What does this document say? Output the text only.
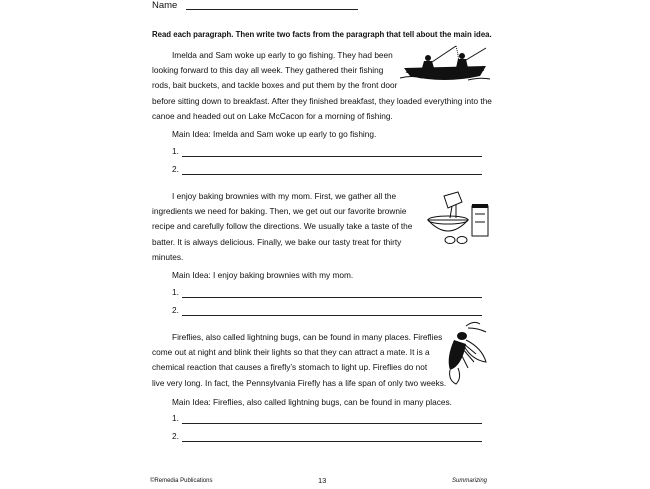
Name
Read each paragraph. Then write two facts from the paragraph that tell about the main idea.
Imelda and Sam woke up early to go fishing. They had been
looking forward to this day all week. They gathered their fishing
rods, bait buckets, and tackle boxes and put them by the front door
before sitting down to breakfast. After they finished breakfast, they loaded everything into the
canoe and headed out on Lake McCacon for a morning of fishing.
Main Idea: Imelda and Sam woke up early to go fishing.
1.
2.
I enjoy baking brownies with my mom. First, we gather all the
ingredients we need for baking. Then, we get out our favorite brownie
recipe and carefully follow the directions. We usually take a taste of the
batter. It is always delicious. Finally, we bake our tasty treat for thirty
minutes.
Main Idea: I enjoy baking brownies with my mom.
1.
2.
Fireflies, also called lightning bugs, can be found in many places. Fireflies
come out at night and blink their lights so that they can attract a mate. It is a
chemical reaction that causes a firefly’s stomach to light up. Fireflies do not
live very long. In fact, the Pennsylvania Firefly has a life span of only two weeks.
Main Idea: Fireflies, also called lightning bugs, can be found in many places.
1.
2.
©Remedia Publications	13	Summarizing
